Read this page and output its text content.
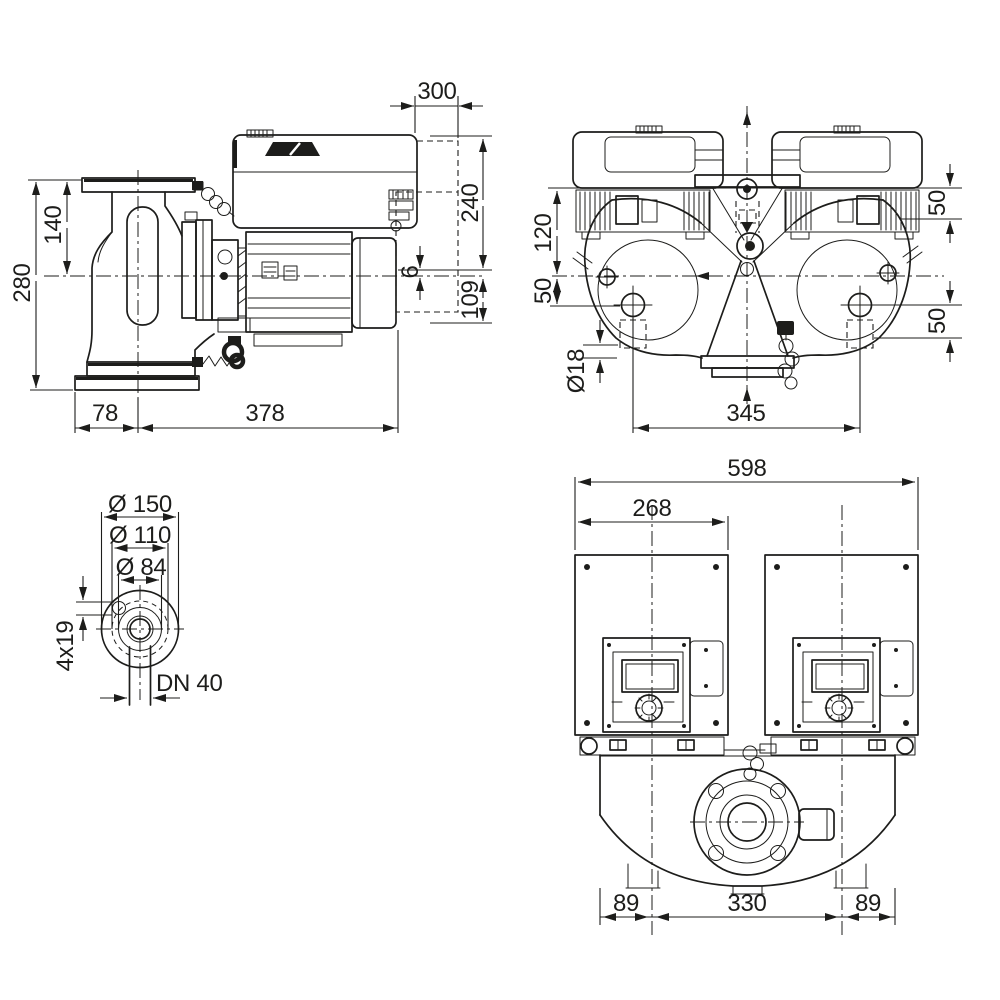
300
240
6
109
140
280
78	378
120
50
50
50
Ø18
345
Ø 150
Ø 110
Ø 84
4x19
DN 40
598
268
89	330	89
